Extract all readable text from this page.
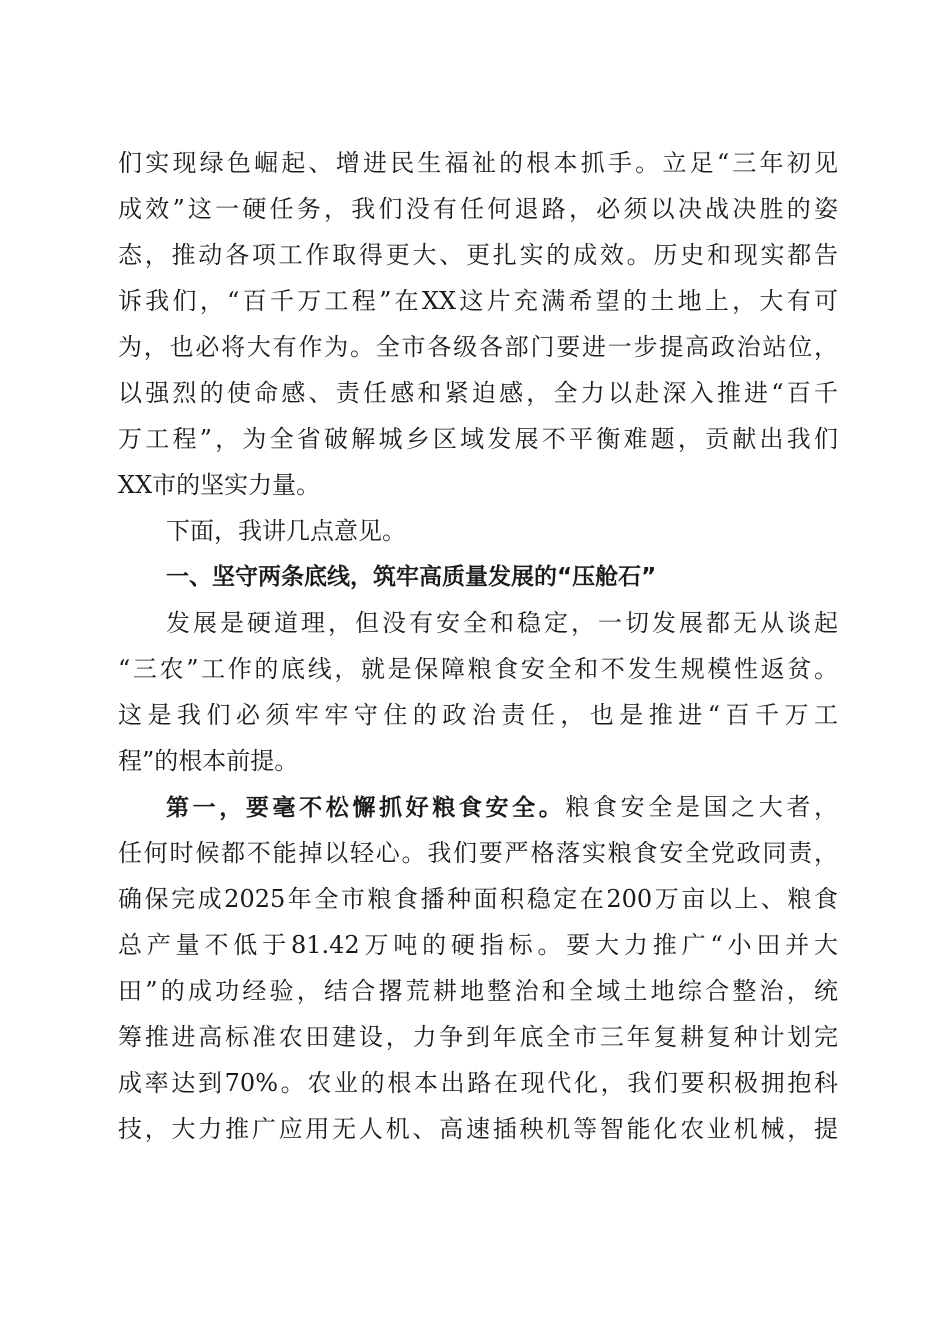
们实现绿色崛起、增进民生福祉的根本抓手。立足“三年初见
成效”这一硬任务，我们没有任何退路，必须以决战决胜的姿
态，推动各项工作取得更大、更扎实的成效。历史和现实都告
诉我们，“百千万工程”在XX这片充满希望的土地上，大有可
为，也必将大有作为。全市各级各部门要进一步提高政治站位，
以强烈的使命感、责任感和紧迫感，全力以赴深入推进“百千
万工程”，为全省破解城乡区域发展不平衡难题，贡献出我们
XX市的坚实力量。
下面，我讲几点意见。
一、坚守两条底线，筑牢高质量发展的“压舱石”
发展是硬道理，但没有安全和稳定，一切发展都无从谈起
“三农”工作的底线，就是保障粮食安全和不发生规模性返贫。
这是我们必须牢牢守住的政治责任，也是推进“百千万工
程”的根本前提。
第一，要毫不松懈抓好粮食安全。粮食安全是国之大者，
任何时候都不能掉以轻心。我们要严格落实粮食安全党政同责，
确保完成2025年全市粮食播种面积稳定在200万亩以上、粮食
总产量不低于81.42万吨的硬指标。要大力推广“小田并大
田”的成功经验，结合撂荒耕地整治和全域土地综合整治，统
筹推进高标准农田建设，力争到年底全市三年复耕复种计划完
成率达到70%。农业的根本出路在现代化，我们要积极拥抱科
技，大力推广应用无人机、高速插秧机等智能化农业机械，提
